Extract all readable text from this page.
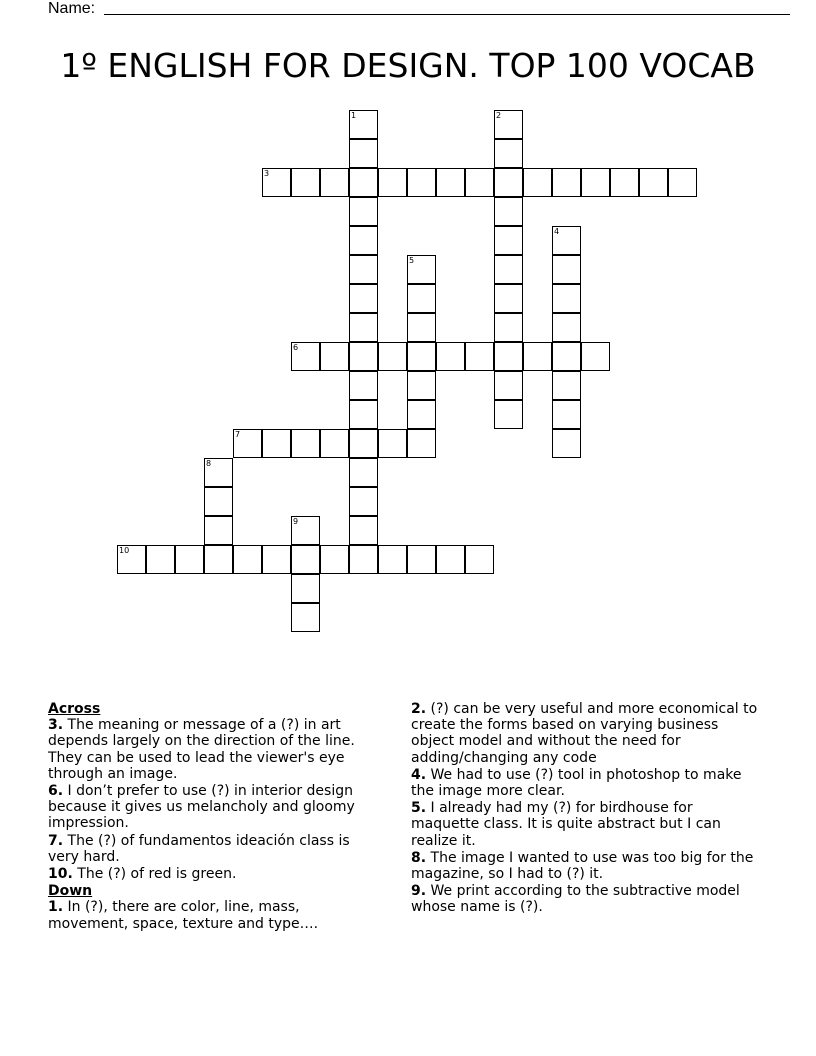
Name:
1º ENGLISH FOR DESIGN. TOP 100 VOCAB
1	2
3
4
5
6
7
8
9
10
Across
3. The meaning or message of a (?) in art depends largely on the direction of the line. They can be used to lead the viewer's eye through an image.
6. I don’t prefer to use (?) in interior design because it gives us melancholy and gloomy impression.
7. The (?) of fundamentos ideación class is very hard.
10. The (?) of red is green.
Down
1. In (?), there are color, line, mass, movement, space, texture and type….
2. (?) can be very useful and more economical to create the forms based on varying business object model and without the need for adding/changing any code
4. We had to use (?) tool in photoshop to make the image more clear.
5. I already had my (?) for birdhouse for maquette class. It is quite abstract but I can realize it.
8. The image I wanted to use was too big for the magazine, so I had to (?) it.
9. We print according to the subtractive model whose name is (?).
